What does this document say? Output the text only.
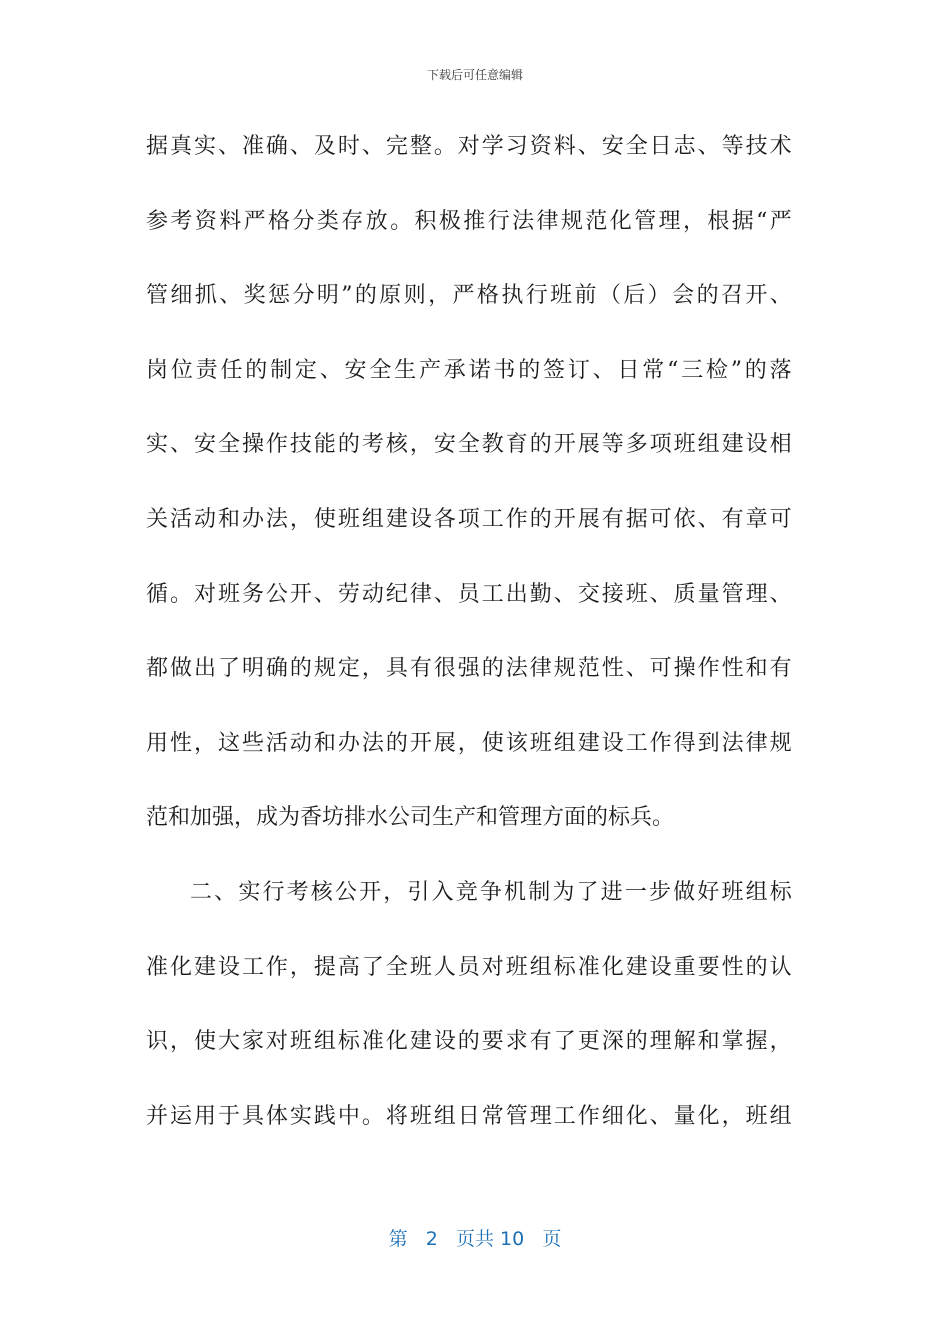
下载后可任意编辑
据 真 实 、 准 确 、 及 时 、 完 整 。 对 学 习 资 料 、 安 全 日 志 、 等 技 术
参 考 资 料 严 格 分 类 存 放 。 积 极 推 行 法 律 规 范 化 管 理 ， 根 据 “ 严
管 细 抓 、 奖 惩 分 明 ” 的 原 则 ， 严 格 执 行 班 前 （ 后 ） 会 的 召 开 、
岗 位 责 任 的 制 定 、 安 全 生 产 承 诺 书 的 签 订 、 日 常 “ 三 检 ” 的 落
实 、 安 全 操 作 技 能 的 考 核 ， 安 全 教 育 的 开 展 等 多 项 班 组 建 设 相
关 活 动 和 办 法 ， 使 班 组 建 设 各 项 工 作 的 开 展 有 据 可 依 、 有 章 可
循 。 对 班 务 公 开 、 劳 动 纪 律 、 员 工 出 勤 、 交 接 班 、 质 量 管 理 、
都 做 出 了 明 确 的 规 定 ， 具 有 很 强 的 法 律 规 范 性 、 可 操 作 性 和 有
用 性 ， 这 些 活 动 和 办 法 的 开 展 ， 使 该 班 组 建 设 工 作 得 到 法 律 规
范和加强，成为香坊排水公司生产和管理方面的标兵。
二 、 实 行 考 核 公 开 ， 引 入 竞 争 机 制 为 了 进 一 步 做 好 班 组 标
准 化 建 设 工 作 ， 提 高 了 全 班 人 员 对 班 组 标 准 化 建 设 重 要 性 的 认
识 ， 使 大 家 对 班 组 标 准 化 建 设 的 要 求 有 了 更 深 的 理 解 和 掌 握 ，
并 运 用 于 具 体 实 践 中 。 将 班 组 日 常 管 理 工 作 细 化 、 量 化 ， 班 组
第 2 页共 10 页
